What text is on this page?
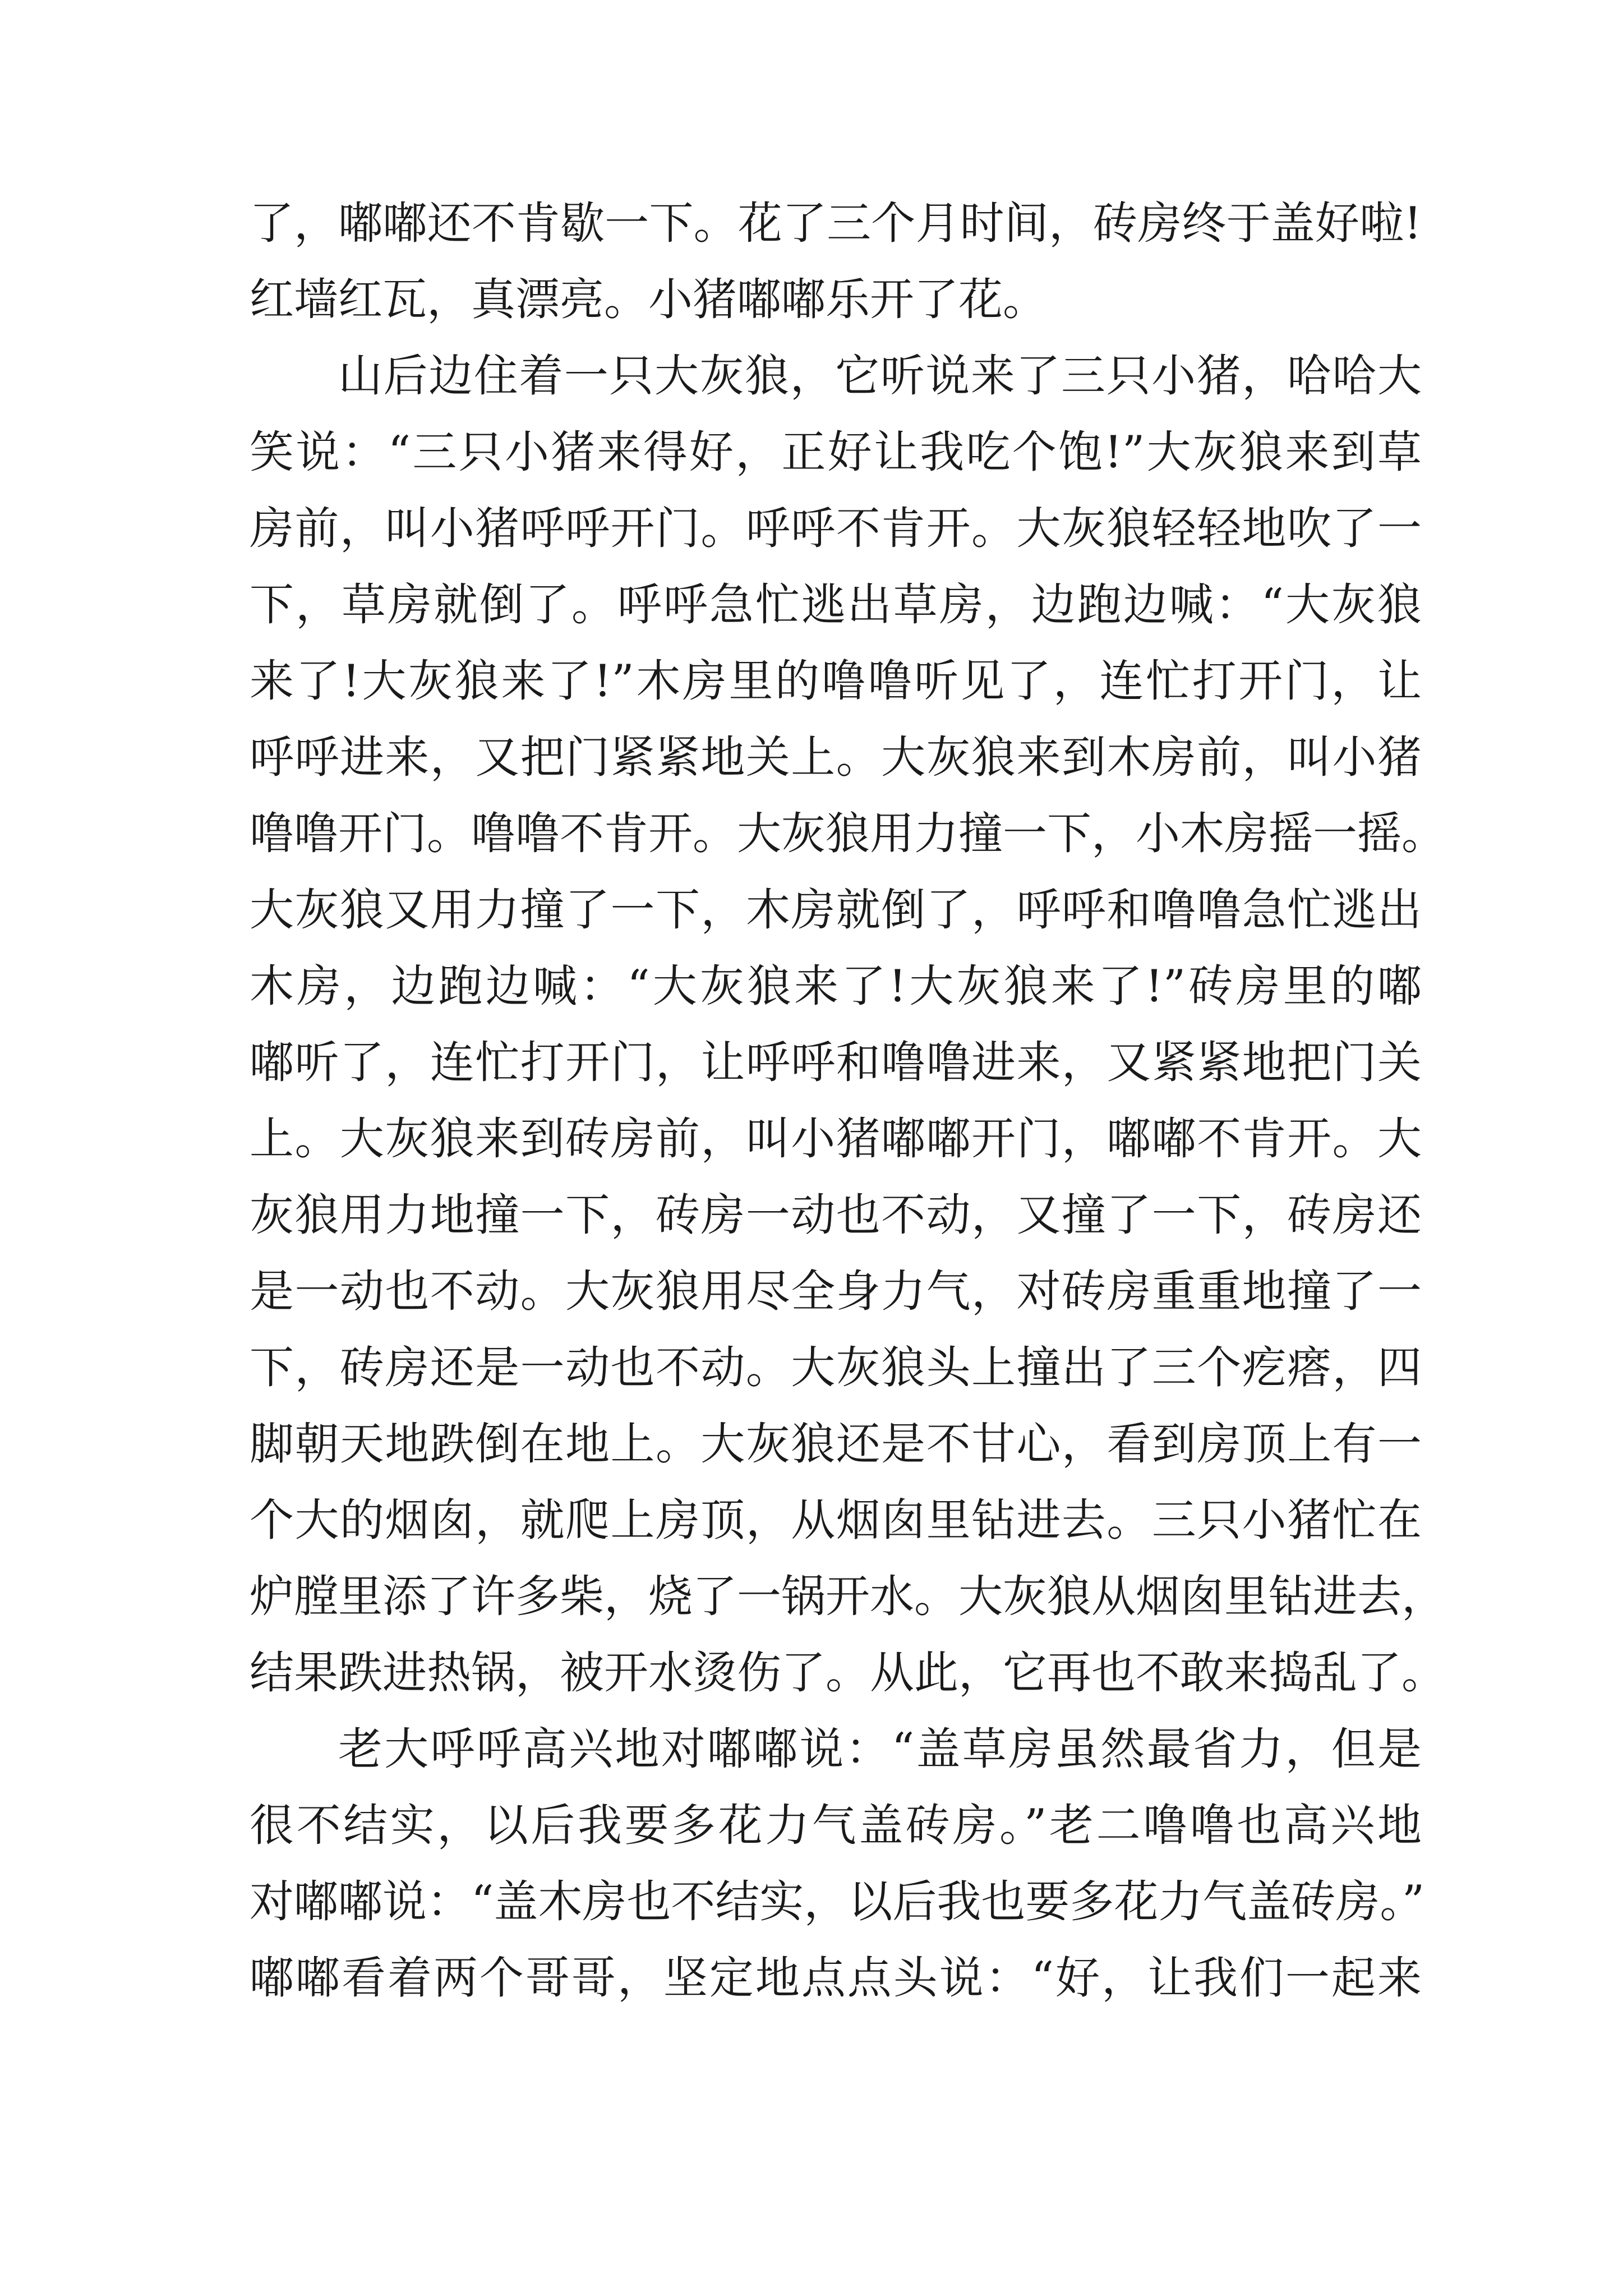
了，嘟嘟还不肯歇一下。花了三个月时间，砖房终于盖好啦!
红墙红瓦，真漂亮。小猪嘟嘟乐开了花。
山后边住着一只大灰狼，它听说来了三只小猪，哈哈大
笑说：“三只小猪来得好，正好让我吃个饱!”大灰狼来到草
房前，叫小猪呼呼开门。呼呼不肯开。大灰狼轻轻地吹了一
下，草房就倒了。呼呼急忙逃出草房，边跑边喊：“大灰狼
来了!大灰狼来了!”木房里的噜噜听见了，连忙打开门，让
呼呼进来，又把门紧紧地关上。大灰狼来到木房前，叫小猪
噜噜开门。噜噜不肯开。大灰狼用力撞一下，小木房摇一摇。
大灰狼又用力撞了一下，木房就倒了，呼呼和噜噜急忙逃出
木房，边跑边喊：“大灰狼来了!大灰狼来了!”砖房里的嘟
嘟听了，连忙打开门，让呼呼和噜噜进来，又紧紧地把门关
上。大灰狼来到砖房前，叫小猪嘟嘟开门，嘟嘟不肯开。大
灰狼用力地撞一下，砖房一动也不动，又撞了一下，砖房还
是一动也不动。大灰狼用尽全身力气，对砖房重重地撞了一
下，砖房还是一动也不动。大灰狼头上撞出了三个疙瘩，四
脚朝天地跌倒在地上。大灰狼还是不甘心，看到房顶上有一
个大的烟囱，就爬上房顶，从烟囱里钻进去。三只小猪忙在
炉膛里添了许多柴，烧了一锅开水。大灰狼从烟囱里钻进去，
结果跌进热锅，被开水烫伤了。从此，它再也不敢来捣乱了。
老大呼呼高兴地对嘟嘟说：“盖草房虽然最省力，但是
很不结实，以后我要多花力气盖砖房。”老二噜噜也高兴地
对嘟嘟说：“盖木房也不结实，以后我也要多花力气盖砖房。”
嘟嘟看着两个哥哥，坚定地点点头说：“好，让我们一起来
